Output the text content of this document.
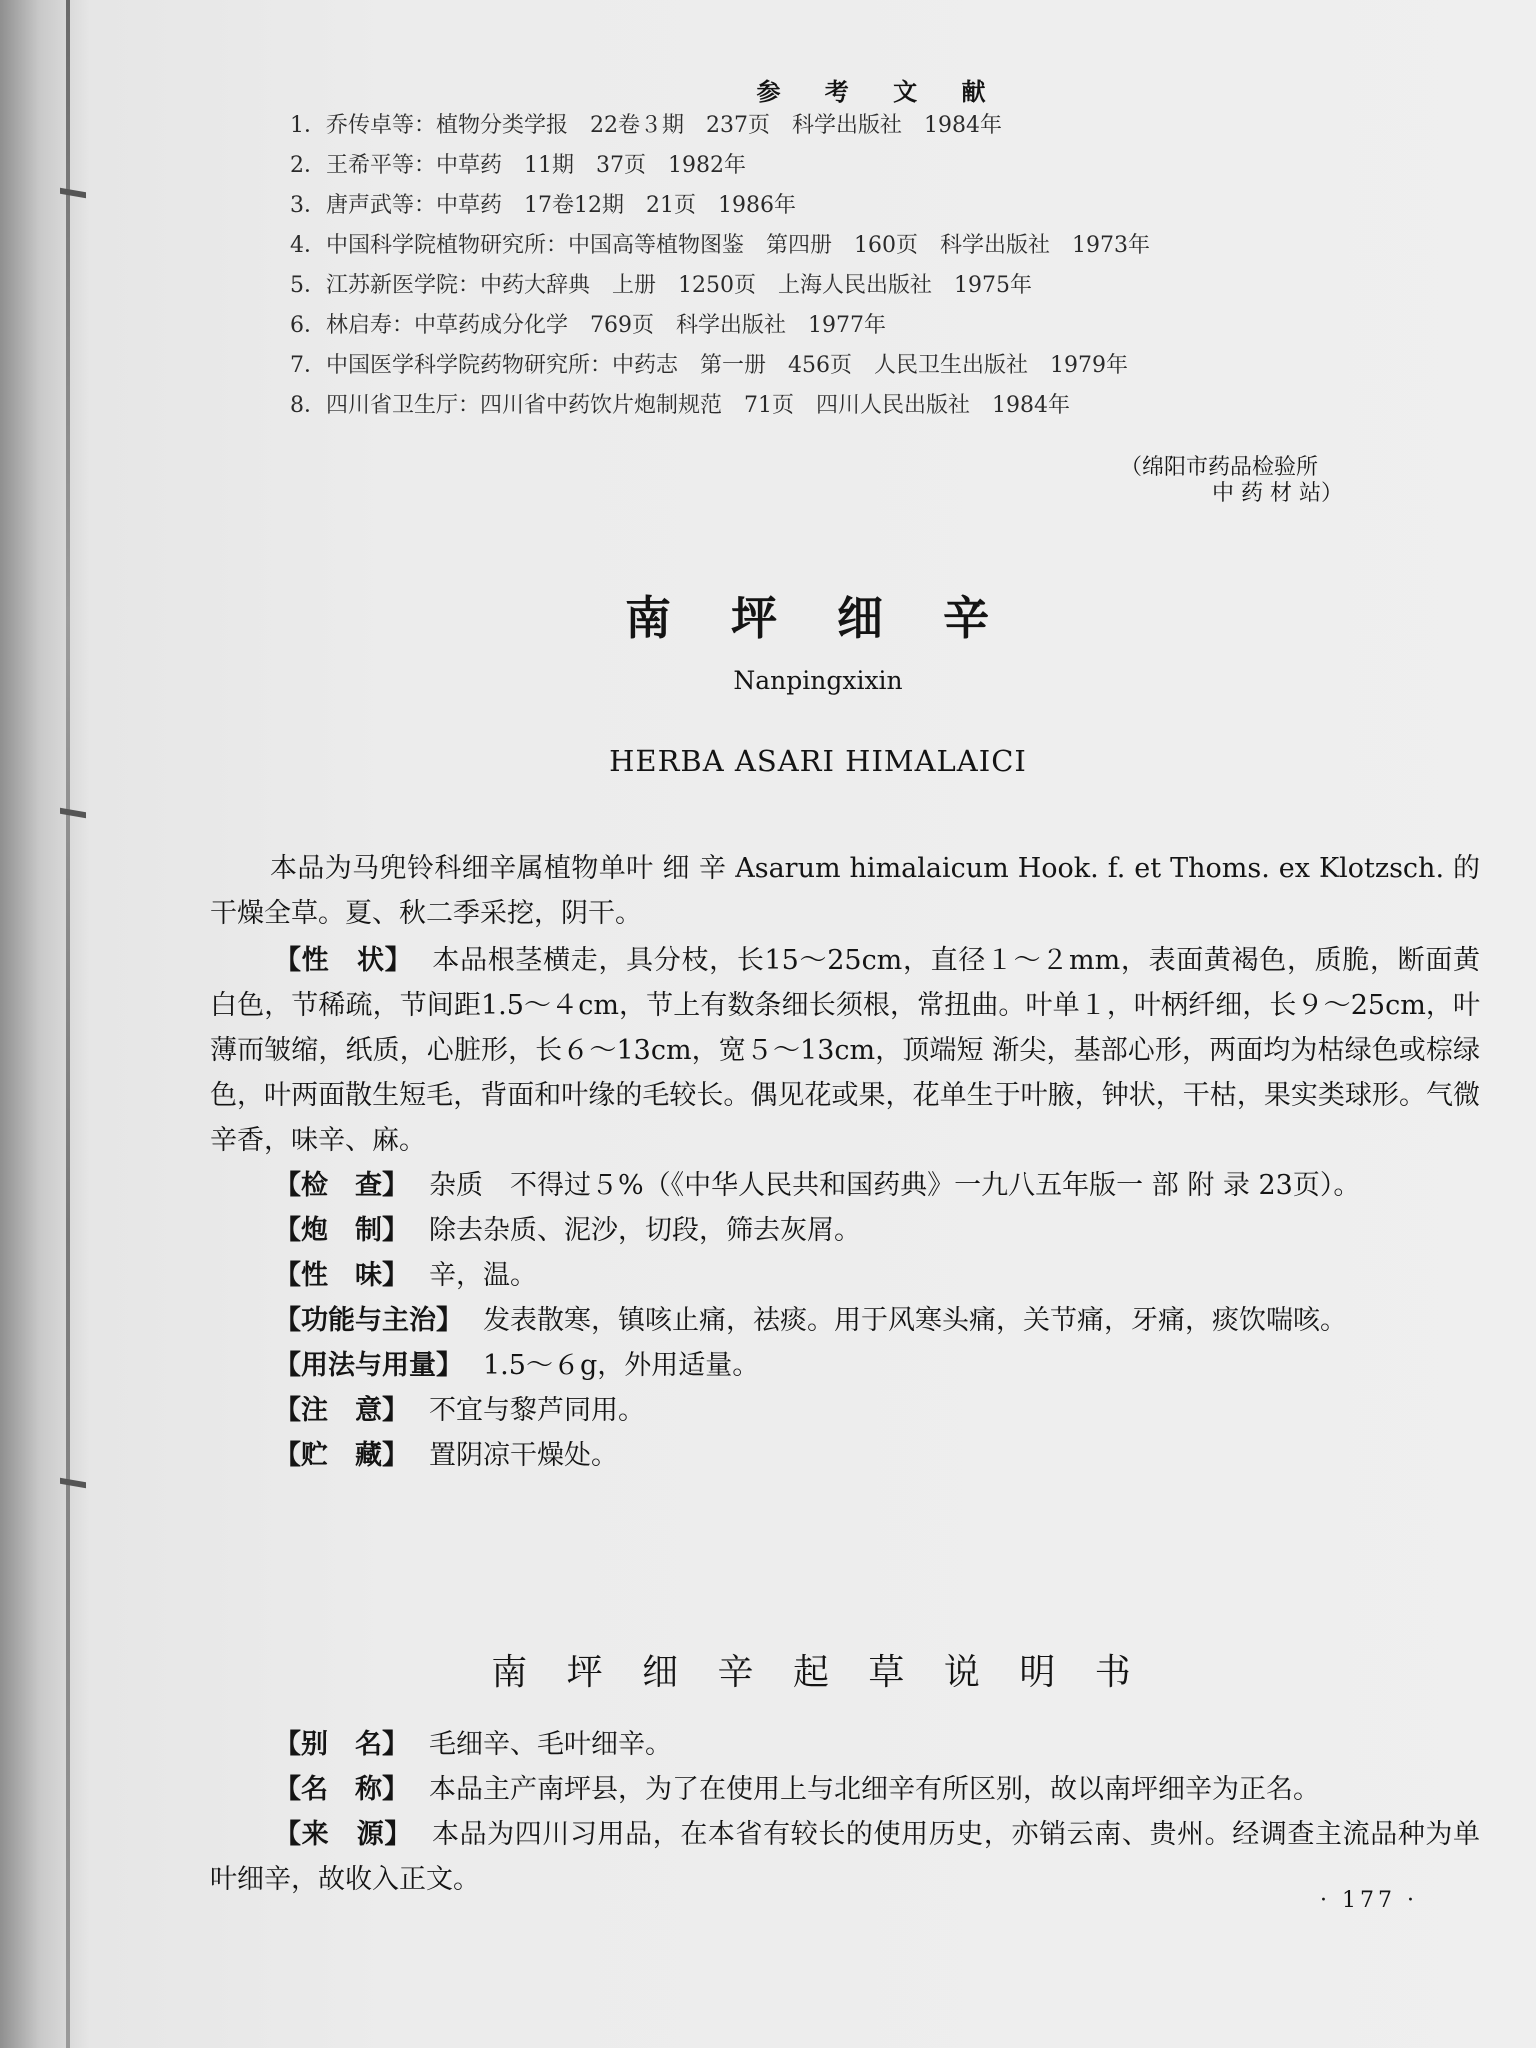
参 考 文 献
1．乔传卓等：植物分类学报　22卷３期　237页　科学出版社　1984年
2．王希平等：中草药　11期　37页　1982年
3．唐声武等：中草药　17卷12期　21页　1986年
4．中国科学院植物研究所：中国高等植物图鉴　第四册　160页　科学出版社　1973年
5．江苏新医学院：中药大辞典　上册　1250页　上海人民出版社　1975年
6．林启寿：中草药成分化学　769页　科学出版社　1977年
7．中国医学科学院药物研究所：中药志　第一册　456页　人民卫生出版社　1979年
8．四川省卫生厅：四川省中药饮片炮制规范　71页　四川人民出版社　1984年
（绵阳市药品检验所
中 药 材 站）
南 坪 细 辛
Nanpingxixin
HERBA ASARI HIMALAICI

本品为马兜铃科细辛属植物单叶 细 辛 Asarum himalaicum Hook. f. et Thoms. ex Klotzsch. 的干燥全草。夏、秋二季采挖，阴干。

【性　状】 本品根茎横走，具分枝，长15～25cm，直径１～２mm，表面黄褐色，质脆，断面黄白色，节稀疏，节间距1.5～４cm，节上有数条细长须根，常扭曲。叶单１，叶柄纤细，长９～25cm，叶薄而皱缩，纸质，心脏形，长６～13cm，宽５～13cm，顶端短 渐尖，基部心形，两面均为枯绿色或棕绿色，叶两面散生短毛，背面和叶缘的毛较长。偶见花或果，花单生于叶腋，钟状，干枯，果实类球形。气微辛香，味辛、麻。

【检　查】 杂质　不得过５%（《中华人民共和国药典》一九八五年版一 部 附 录 23页）。

【炮　制】 除去杂质、泥沙，切段，筛去灰屑。

【性　味】 辛，温。

【功能与主治】 发表散寒，镇咳止痛，祛痰。用于风寒头痛，关节痛，牙痛，痰饮喘咳。

【用法与用量】 1.5～６g，外用适量。

【注　意】 不宜与黎芦同用。

【贮　藏】 置阴凉干燥处。

南 坪 细 辛 起 草 说 明 书

【别　名】 毛细辛、毛叶细辛。

【名　称】 本品主产南坪县，为了在使用上与北细辛有所区别，故以南坪细辛为正名。

【来　源】 本品为四川习用品，在本省有较长的使用历史，亦销云南、贵州。经调查主流品种为单叶细辛，故收入正文。

· 177 ·
